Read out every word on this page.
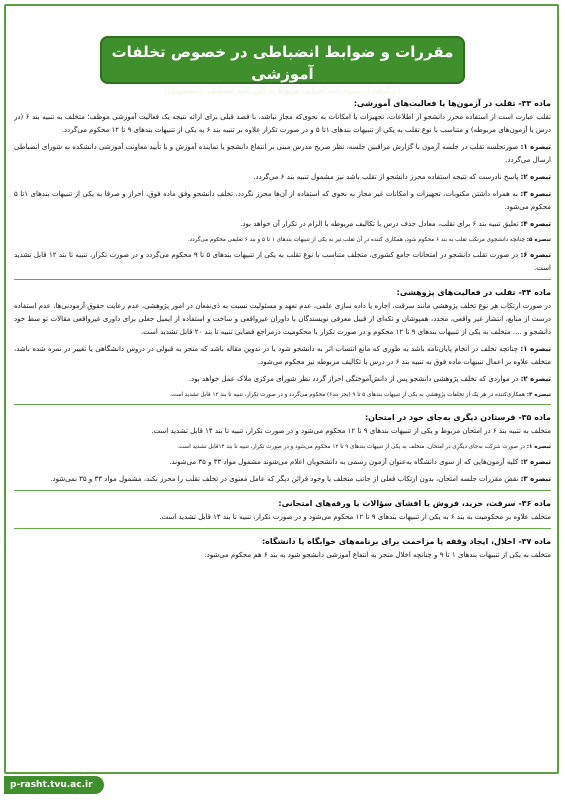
مقررات و ضوابط انضباطی در خصوص تخلفات آموزشی
(برگرفته از شیوه نامه اجرایی مربوط به آئین نامه انضباطی دانشجویان)
ماده ۳۳- تقلب در آزمون‌ها یا فعالیت‌های آموزشی:
تقلب عبارت است از استفاده محرز دانشجو از اطلاعات، تجهیزات یا امکانات به نحوی‌که مجاز نباشد، با قصد قبلی برای ارائه نتیجه یک فعالیت آموزشی موظف؛ متخلف به تنبیه بند ۶ (در درس یا آزمون‌های مربوطه) و متناسب با نوع تقلب به یکی از تنبیهات بندهای ۱تا ۵ و در صورت تکرار علاوه بر تنبیه بند ۶ به یکی از تنبیهات بندهای ۹ تا ۱۲ محکوم می‌گردد.
تبصره ۱: صورتجلسه تقلب در جلسه آزمون با گزارش مراقبین جلسه، نظر صریح مدرس مبنی بر انتفاع دانشجو یا نماینده آموزش و با تأیید معاونت آموزشی دانشکده به شورای انضباطی ارسال می‌گردد.
تبصره ۲: پاسخ نادرست که نتیجه استفاده محرز دانشجو از تقلب باشد نیز مشمول تنبیه بند ۶ می‌گردد.
تبصره ۳: به همراه داشتن مکتوبات، تجهیزات و امکانات غیر مجاز به نحوی که استفاده از آن‌ها محرز نگردد، تخلف دانشجو وفق ماده فوق، احراز و صرفا به یکی از تنبیهات بندهای ۱تا ۵ محکوم می‌شود.
تبصره ۴: تعلیق تنبیه بند ۶ برای تقلب، معادل حذف درس با تکالیف مربوطه با الزام در تکرار آن خواهد بود.
تبصره ۵: چنانچه دانشجوی مرتکب تقلب به بند ۶ محکوم شود، همکاری کننده در آن تقلب نیز به یکی از تنبیهات بندهای ۱ تا ۵ و بند ۶ تعلیقی محکوم می‌گردد.
تبصره ۶: در صورت تقلب دانشجو در امتحانات جامع کشوری، متخلف متناسب با نوع تقلب به یکی از تنبیهات بندهای ۵ تا ۹ محکوم می‌گردد و در صورت تکرار، تنبیه تا بند ۱۲ قابل تشدید است.
ماده ۳۴- تقلب در فعالیت‌های پژوهشی:
در صورت ارتکاب هر نوع تخلف پژوهشی مانند سرقت، اجاره یا داده سازی علمی، عدم تعهد و مسئولیت نسبت به ذی‌نفعان در امور پژوهشی، عدم رعایت حقوق آزمودنی‌ها، عدم استفاده درست از منابع، انتشار غیر واقعی، مجدد، همپوشان و تکه‌ای از قبیل معرفی نویسندگان با داوران غیرواقعی و ساخت و استفاده از ایمیل جعلی برای داوری غیرواقعی مقالات تو سط خود دانشجو و .... متخلف به یکی از تنبیهات بندهای ۹ تا ۱۲ محکوم و در صورت تکرار یا محکومیت درمراجع قضایی تنبیه تا بند ۲۰ قابل تشدید است.
تبصره ۱: چنانچه تخلف در انجام پایان‌نامه باشد به طوری که مانع انتساب اثر به دانشجو شود یا در تدوین مقاله باشد که منجر به قبولی در دروس دانشگاهی یا تغییر در نمره شده باشد، متخلف علاوه بر اعمال تنبیهات ماده فوق به تنبیه بند ۶ در درس یا تکالیف مربوطه نیز محکوم می‌شود.
تبصره ۲: در مواردی که تخلف پژوهشی دانشجو پس از دانش‌آموختگی احراز گردد نظر شورای مرکزی ملاک عمل خواهد بود.
تبصره ۳: همکاری‌کننده در هر یک از تخلفات پژوهشی به یکی از تنبیهات بندهای ۵ تا ۹ (بجز بند۶) محکوم می‌گردد و در صورت تکرار، تنبیه تا بند ۱۲ قابل تشدید است.
ماده ۳۵- فرستادن دیگری به‌جای خود در امتحان:
متخلف به تنبیه بند ۶ در امتحان مربوط و یکی از تنبیهات بندهای ۹ تا ۱۲ محکوم می‌شود و در صورت تکرار، تنبیه تا بند ۱۴ قابل تشدید است.
تبصره ۱: در صورت شرکت به‌جای دیگری در امتحان، متخلف به یکی از تنبیهات بندهای ۹ تا ۱۲ محکوم می‌شود و در صورت تکرار، تنبیه تا بند ۱۴قابل تشدید است.
تبصره ۲: کلیه آزمون‌هایی که از سوی دانشگاه به‌عنوان آزمون رسمی به دانشجویان اعلام می‌شوند مشمول مواد ۳۳ و ۳۵ می‌شوند.
تبصره ۳: نقض مقررات جلسه امتحان، بدون ارتکاب فعلی از جانب متخلف یا وجود قرائن دیگر که عامل معنوی در تخلف تقلب را محرز نکند، مشمول مواد ۳۳ و ۳۵ نمی‌شود.
ماده ۳۶- سرقت، خرید، فروش یا افشای سؤالات یا ورقه‌های امتحانی:
متخلف علاوه بر محکومیت به بند ۶ به یکی از تنبیهات بندهای ۹ تا ۱۲ محکوم می‌شود و در صورت تکرار، تنبیه تا بند ۱۴ قابل تشدید است.
ماده ۳۷- اخلال، ایجاد وقفه یا مزاحمت برای برنامه‌های خوابگاه یا دانشگاه:
متخلف به یکی از تنبیهات بندهای ۱ تا ۹ و چنانچه اخلال منجر به انتفاع آموزشی دانشجو شود به بند ۶ هم محکوم می‌شود.
p-rasht.tvu.ac.ir
